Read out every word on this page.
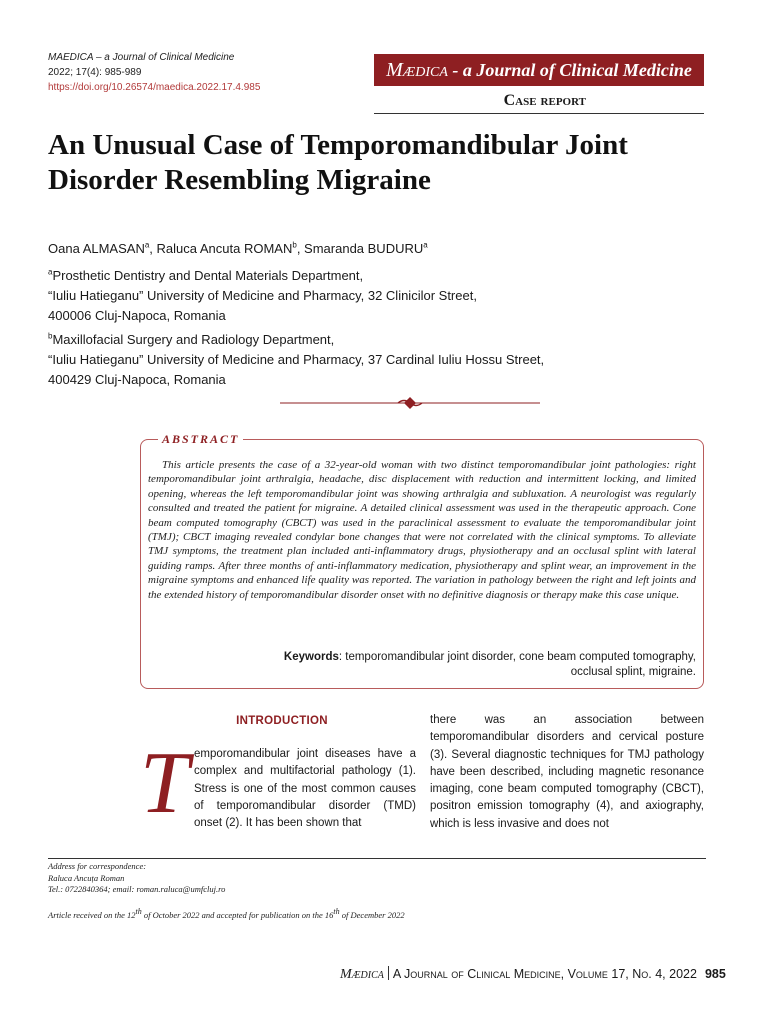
MAEDICA – a Journal of Clinical Medicine
2022; 17(4): 985-989
https://doi.org/10.26574/maedica.2022.17.4.985
Mædica - a Journal of Clinical Medicine
Case report
An Unusual Case of Temporomandibular Joint Disorder Resembling Migraine
Oana ALMASAN$^a$, Raluca Ancuta ROMAN$^b$, Smaranda BUDURU$^a$
$^a$Prosthetic Dentistry and Dental Materials Department,
“Iuliu Hatieganu” University of Medicine and Pharmacy, 32 Clinicilor Street,
400006 Cluj-Napoca, Romania
$^b$Maxillofacial Surgery and Radiology Department,
“Iuliu Hatieganu” University of Medicine and Pharmacy, 37 Cardinal Iuliu Hossu Street,
400429 Cluj-Napoca, Romania
ABSTRACT

This article presents the case of a 32-year-old woman with two distinct temporomandibular joint pathologies: right temporomandibular joint arthralgia, headache, disc displacement with reduction and intermittent locking, and limited opening, whereas the left temporomandibular joint was showing arthralgia and subluxation. A neurologist was regularly consulted and treated the patient for migraine. A detailed clinical assessment was used in the therapeutic approach. Cone beam computed tomography (CBCT) was used in the paraclinical assessment to evaluate the temporomandibular joint (TMJ); CBCT imaging revealed condylar bone changes that were not correlated with the clinical symptoms. To alleviate TMJ symptoms, the treatment plan included anti-inflammatory drugs, physiotherapy and an occlusal splint with lateral guiding ramps. After three months of anti-inflammatory medication, physiotherapy and splint wear, an improvement in the migraine symptoms and enhanced life quality was reported. The variation in pathology between the right and left joints and the extended history of temporomandibular disorder onset with no definitive diagnosis or therapy make this case unique.

Keywords: temporomandibular joint disorder, cone beam computed tomography,
occlusal splint, migraine.
INTRODUCTION
T emporomandibular joint diseases have a complex and multifactorial pathology (1). Stress is one of the most common causes of temporomandibular disorder (TMD) onset (2). It has been shown that

there was an association between temporomandibular disorders and cervical posture (3). Several diagnostic techniques for TMJ pathology have been described, including magnetic resonance imaging, cone beam computed tomography (CBCT), positron emission tomography (4), and axiography, which is less invasive and does not

Address for correspondence:
Raluca Ancuța Roman
Tel.: 0722840364; email: roman.raluca@umfcluj.ro
Article received on the 12th of October 2022 and accepted for publication on the 16th of December 2022
Mædica A Journal of Clinical Medicine, Volume 17, No. 4, 2022 985
